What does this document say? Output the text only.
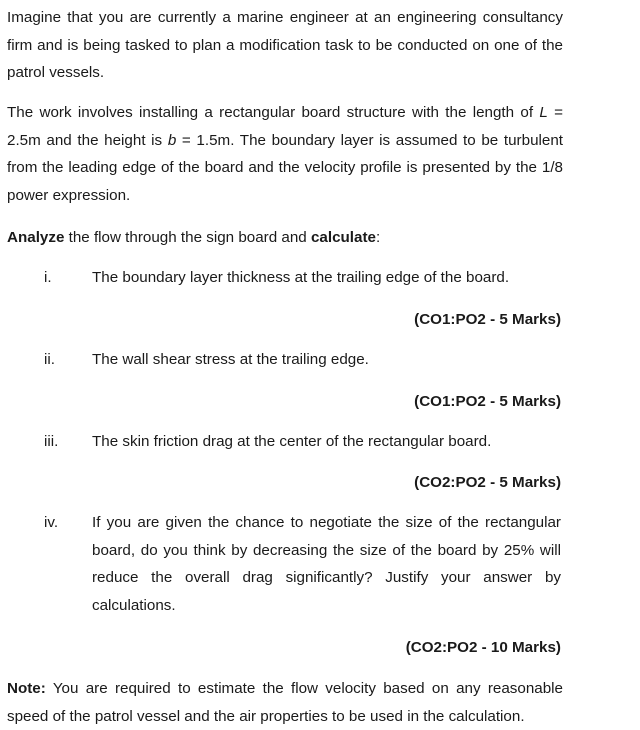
Imagine that you are currently a marine engineer at an engineering consultancy firm and is being tasked to plan a modification task to be conducted on one of the patrol vessels.

The work involves installing a rectangular board structure with the length of L = 2.5m and the height is b = 1.5m. The boundary layer is assumed to be turbulent from the leading edge of the board and the velocity profile is presented by the 1/8 power expression.

Analyze the flow through the sign board and calculate:

i.	The boundary layer thickness at the trailing edge of the board.

(CO1:PO2 - 5 Marks)
ii. The wall shear stress at the trailing edge.

(CO1:PO2 - 5 Marks)
iii. The skin friction drag at the center of the rectangular board.

(CO2:PO2 - 5 Marks)
iv. If you are given the chance to negotiate the size of the rectangular board, do you think by decreasing the size of the board by 25% will reduce the overall drag significantly? Justify your answer by calculations.

(CO2:PO2 - 10 Marks)

Note: You are required to estimate the flow velocity based on any reasonable speed of the patrol vessel and the air properties to be used in the calculation.
